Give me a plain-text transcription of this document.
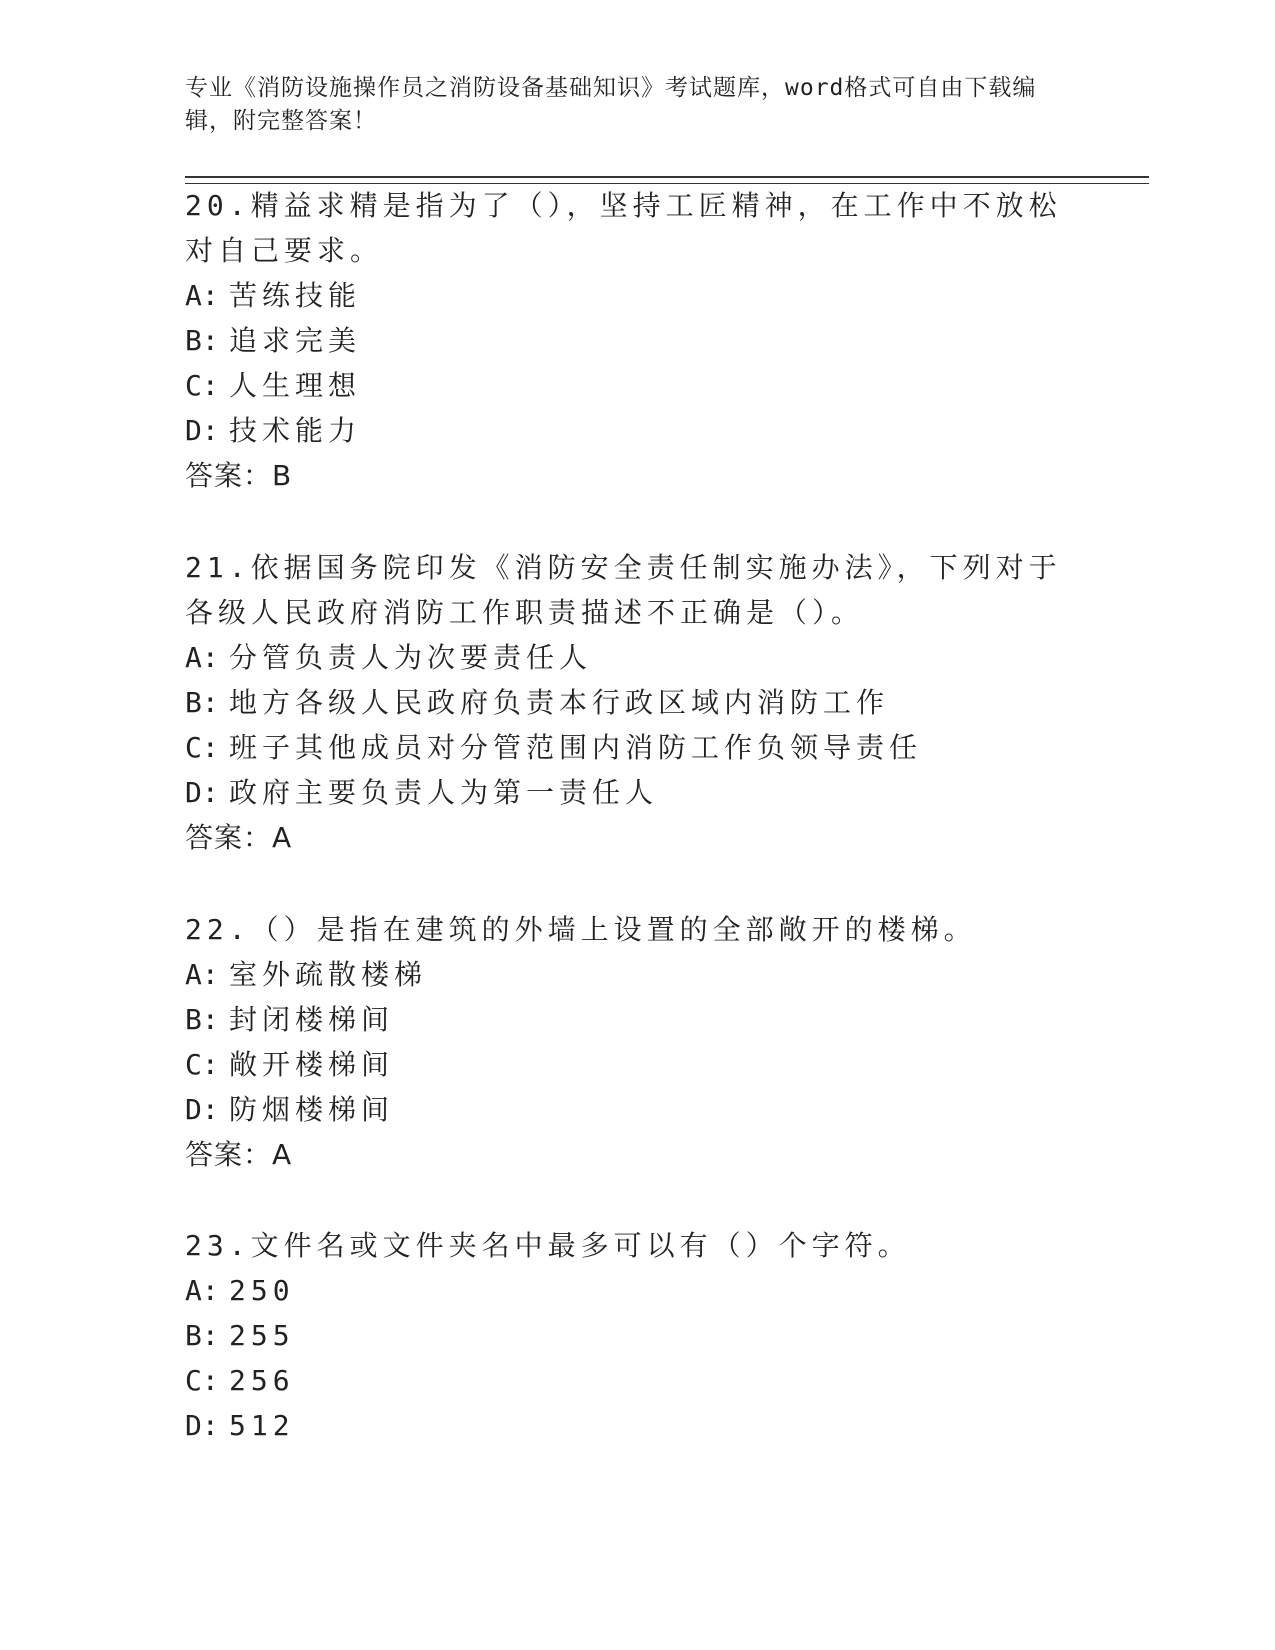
专业《消防设施操作员之消防设备基础知识》考试题库，word格式可自由下载编辑，附完整答案！

20.精益求精是指为了（），坚持工匠精神，在工作中不放松对自己要求。

A: 苦练技能

B: 追求完美

C: 人生理想

D: 技术能力

答案：B

21.依据国务院印发《消防安全责任制实施办法》，下列对于各级人民政府消防工作职责描述不正确是（）。

A: 分管负责人为次要责任人

B: 地方各级人民政府负责本行政区域内消防工作

C: 班子其他成员对分管范围内消防工作负领导责任

D: 政府主要负责人为第一责任人

答案：A

22.（）是指在建筑的外墙上设置的全部敞开的楼梯。

A: 室外疏散楼梯

B: 封闭楼梯间

C: 敞开楼梯间

D: 防烟楼梯间

答案：A

23.文件名或文件夹名中最多可以有（）个字符。

A: 250

B: 255

C: 256

D: 512
